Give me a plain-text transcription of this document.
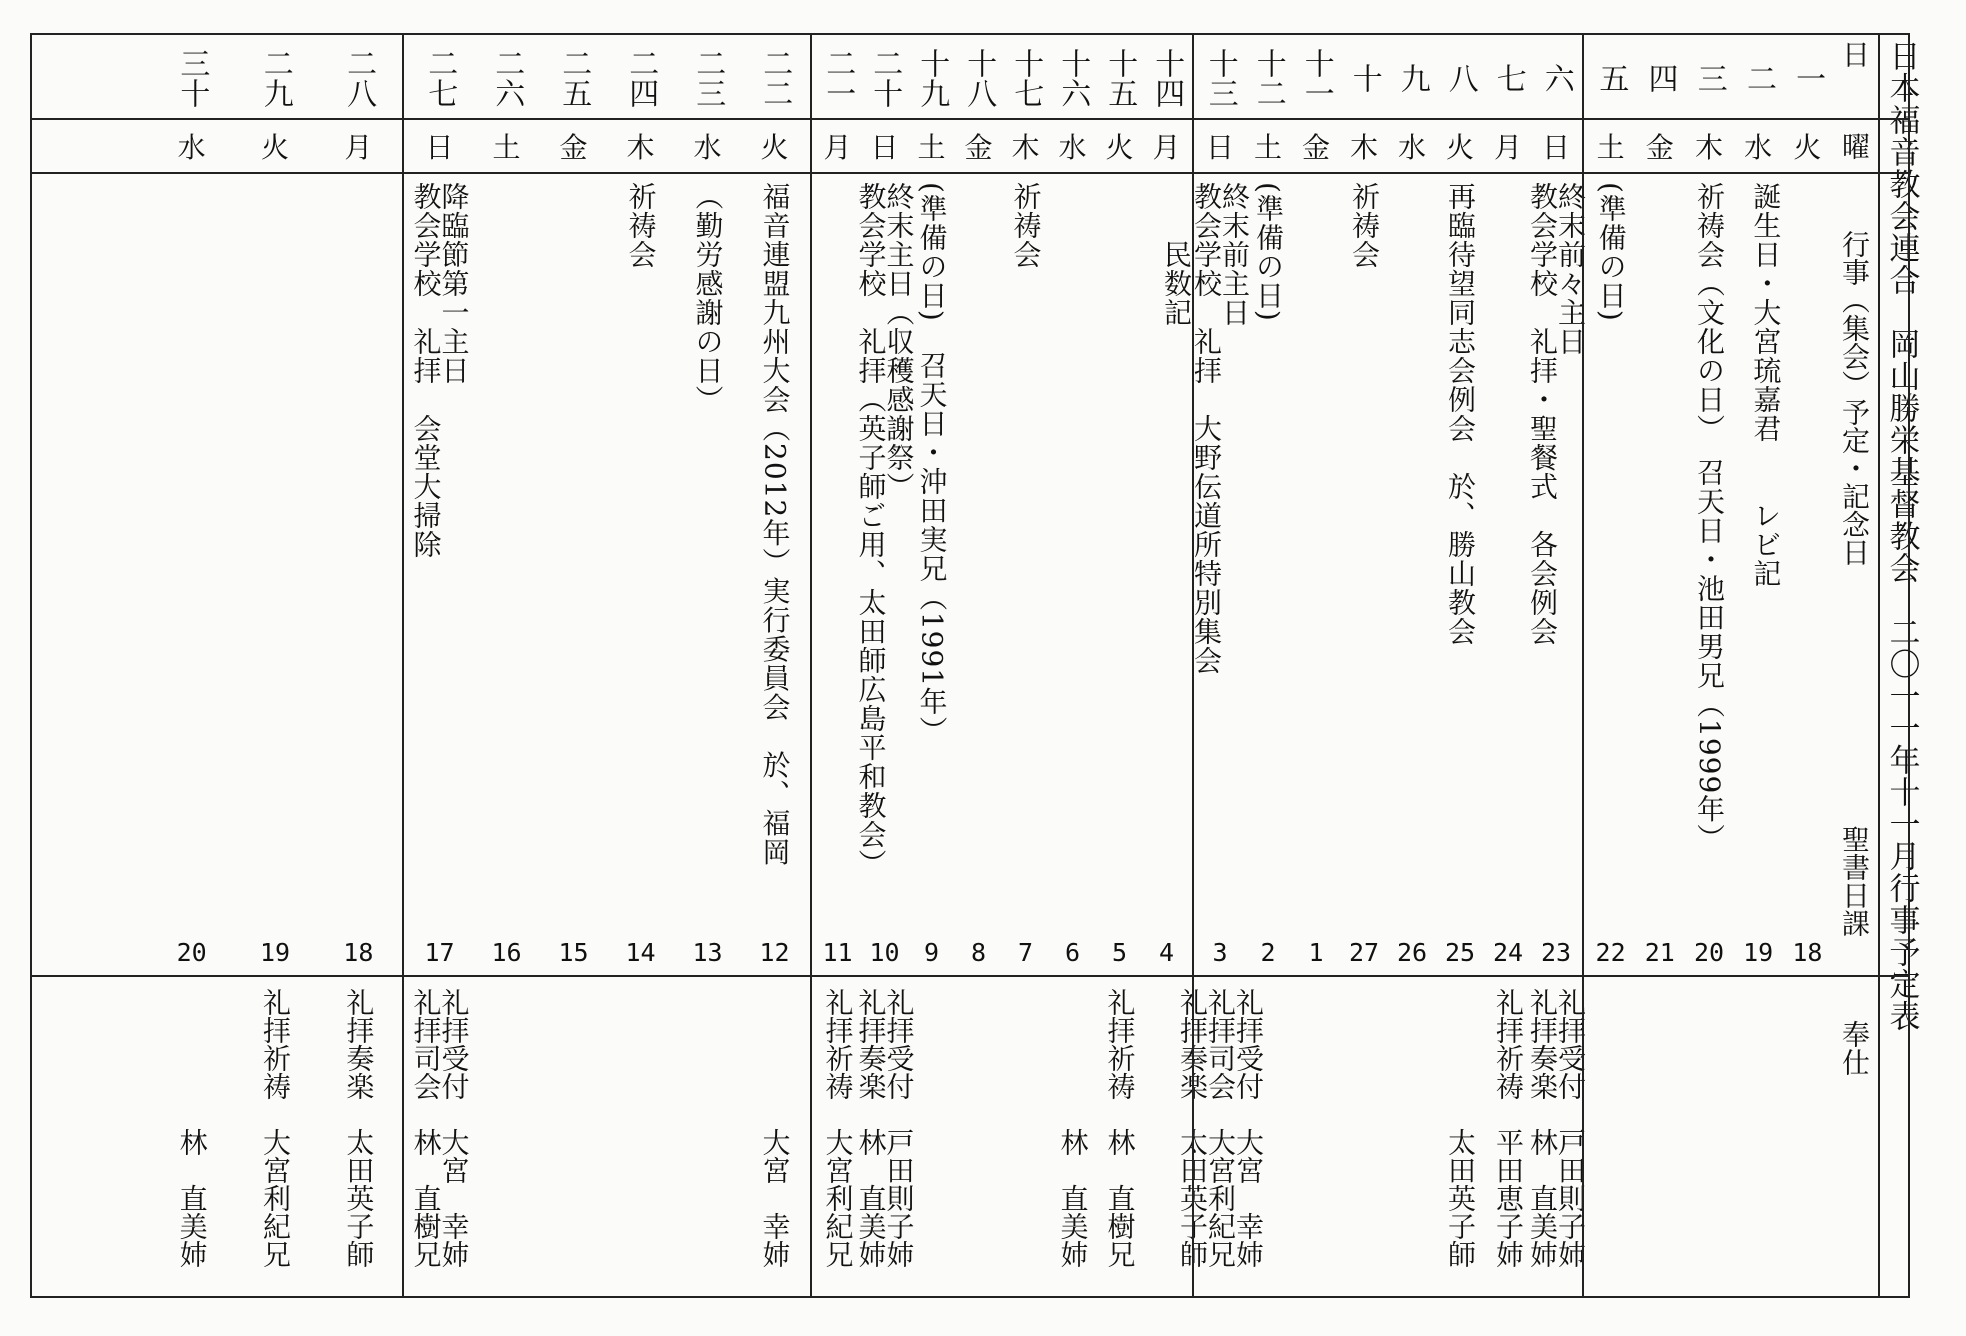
日本福音教会連合　岡山勝栄基督教会　二〇一一年十一月行事予定表
日
曜
行事（集会）予定・記念日
聖書日課
奉仕
一
火

誕生日・大宮琉嘉君　　レビ記
18
二
水
19
三
木
祈祷会（文化の日）　召天日・池田男兄（1999年）
20
四
金
21
五
土
(準備の日)
22
六
日
終末前々主日
教会学校　礼拝・聖餐式　各会例会
23
礼拝受付　戸田則子姉
礼拝奏楽　林　直美姉
七
月
24
礼拝祈祷　平田恵子姉
八
火
再臨待望同志会例会　於、勝山教会
25
　　　　　太田英子師
九
水
26
十
木
祈祷会
27
十一
金

　　民数記
1
十二
土
(準備の日)
2
十三
日
終末前主日
教会学校　礼拝　大野伝道所特別集会
3
礼拝受付　大宮　幸姉
礼拝司会　大宮利紀兄
礼拝奏楽　太田英子師
十四
月
4
十五
火
5
礼拝祈祷　林　直樹兄
十六
水
6
　　　　　林　直美姉
十七
木
祈祷会
7
十八
金
8
十九
土
(準備の日)　召天日・沖田実兄（1991年）
9
二十
日
終末主日（収穫感謝祭）
教会学校　礼拝（英子師ご用、太田師広島平和教会）
10
礼拝受付　戸田則子姉
礼拝奏楽　林　直美姉
二一
月
11
礼拝祈祷　大宮利紀兄
二二
火
福音連盟九州大会（2012年）実行委員会　於、福岡
12
　　　　　大宮　幸姉
二三
水
（勤労感謝の日）
13
二四
木
祈祷会
14
二五
金
15
二六
土
16
二七
日
降臨節第一主日
教会学校　礼拝　会堂大掃除
17
礼拝受付　大宮　幸姉
礼拝司会　林　直樹兄
二八
月
18
礼拝奏楽　太田英子師
二九
火
19
礼拝祈祷　大宮利紀兄
三十
水
20
　　　　　林　直美姉
